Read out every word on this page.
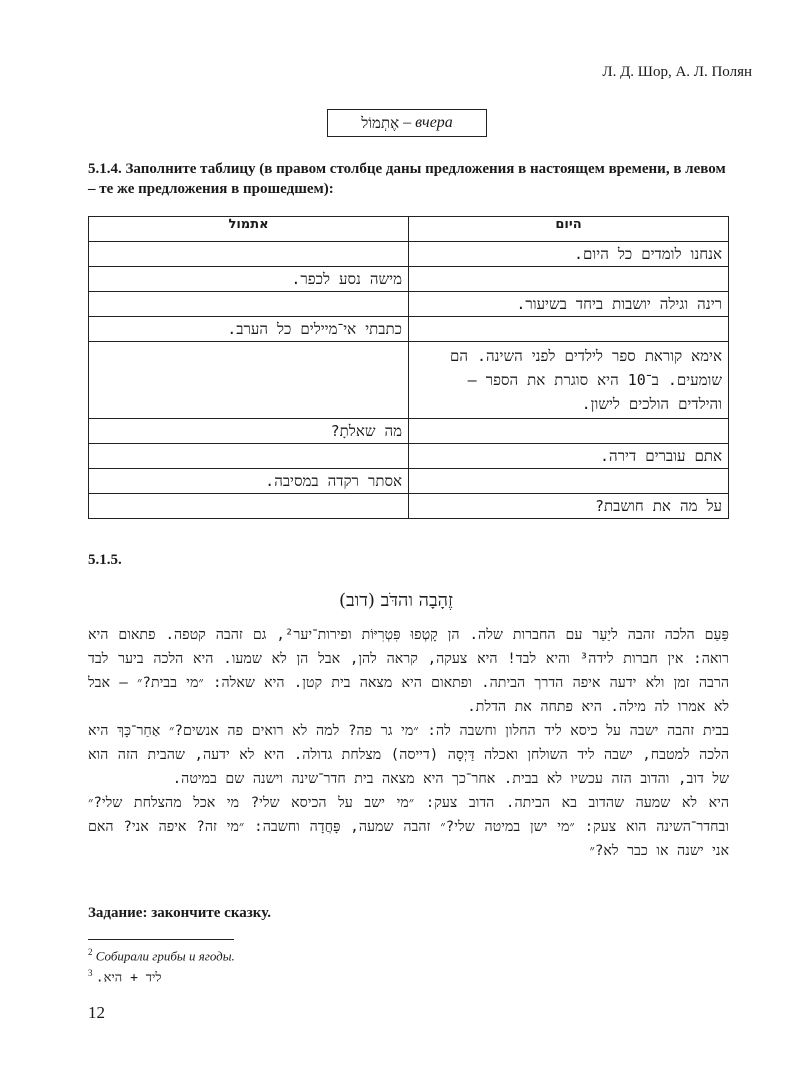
Л. Д. Шор, А. Л. Полян
אֶתְמוֹל – вчера
5.1.4. Заполните таблицу (в правом столбце даны предложения в настоящем времени, в левом – те же предложения в прошедшем):
אתמול	היום
	אנחנו לומדים כל היום.
מישה נסע לכפר.	
	רינה וגילה יושבות ביחד בשיעור.
כתבתי אי־מיילים כל הערב.	
	אימא קוראת ספר לילדים לפני השינה. הם שומעים. ב־10 היא סוגרת את הספר – והילדים הולכים לישון.
מה שאלתָ?	
	אתם עוברים דירה.
אסתר רקדה במסיבה.	
	על מה את חושבת?
5.1.5.
זֶהָבָה והדֹּב (דוב)

פַּעַם הלכה זהבה ליַעַר עם החברות שלה. הן קָטְפוּ פִּטְרִיּוֹת ופירות־יער², גם זהבה קטפה. פתאום היא רואה: אין חברות לידה³ והיא לבד! היא צעקה, קראה להן, אבל הן לא שמעו. היא הלכה ביער לבד הרבה זמן ולא ידעה איפה הדרך הביתה. ופתאום היא מצאה בית קטן. היא שאלה: ״מי בבית?״ – אבל לא אמרו לה מילה. היא פתחה את הדלת.

בבית זהבה ישבה על כיסא ליד החלון וחשבה לה: ״מי גר פה? למה לא רואים פה אנשים?״ אַחַר־כָּךְ היא הלכה למטבח, ישבה ליד השולחן ואכלה דַּיְסָה (דייסה) מצלחת גדולה. היא לא ידעה, שהבית הזה הוא של דוב, והדוב הזה עכשיו לא בבית. אחר־כך היא מצאה בית חדר־שינה וישנה שם במיטה.

היא לא שמעה שהדוב בא הביתה. הדוב צעק: ״מי ישב על הכיסא שלי? מי אכל מהצלחת שלי?״ ובחדר־השינה הוא צעק: ״מי ישן במיטה שלי?״ זהבה שמעה, פָּחֲדָה וחשבה: ״מי זה? איפה אני? האם אני ישנה או כבר לא?״

Задание: закончите сказку.
$^2$ Собирали грибы и ягоды.
$^3$ ליד + היא.
12
